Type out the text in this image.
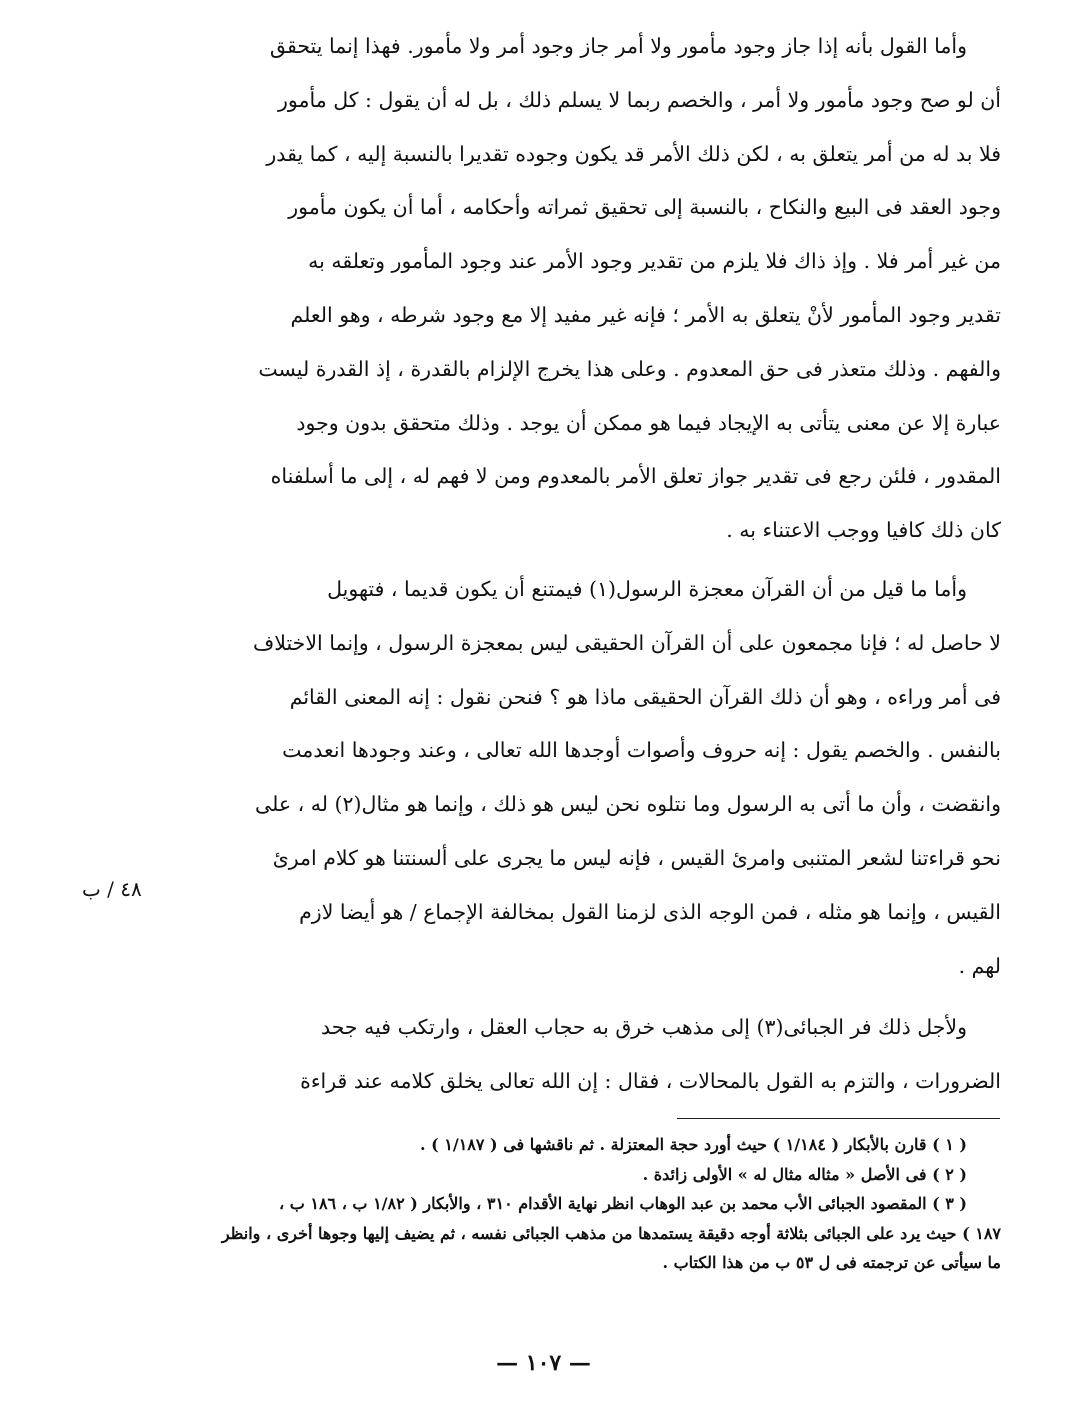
وأما القول بأنه إذا جاز وجود مأمور ولا أمر جاز وجود أمر ولا مأمور. فهذا إنما يتحقق

أن لو صح وجود مأمور ولا أمر ، والخصم ربما لا يسلم ذلك ، بل له أن يقول : كل مأمور

فلا بد له من أمر يتعلق به ، لكن ذلك الأمر قد يكون وجوده تقديرا بالنسبة إليه ، كما يقدر

وجود العقد فى البيع والنكاح ، بالنسبة إلى تحقيق ثمراته وأحكامه ، أما أن يكون مأمور

من غير أمر فلا . وإذ ذاك فلا يلزم من تقدير وجود الأمر عند وجود المأمور وتعلقه به

تقدير وجود المأمور لأنْ يتعلق به الأمر ؛ فإنه غير مفيد إلا مع وجود شرطه ، وهو العلم

والفهم . وذلك متعذر فى حق المعدوم . وعلى هذا يخرج الإلزام بالقدرة ، إذ القدرة ليست

عبارة إلا عن معنى يتأتى به الإيجاد فيما هو ممكن أن يوجد . وذلك متحقق بدون وجود

المقدور ، فلئن رجع فى تقدير جواز تعلق الأمر بالمعدوم ومن لا فهم له ، إلى ما أسلفناه

كان ذلك كافيا ووجب الاعتناء به .

وأما ما قيل من أن القرآن معجزة الرسول(١) فيمتنع أن يكون قديما ، فتهويل

لا حاصل له ؛ فإنا مجمعون على أن القرآن الحقيقى ليس بمعجزة الرسول ، وإنما الاختلاف

فى أمر وراءه ، وهو أن ذلك القرآن الحقيقى ماذا هو ؟ فنحن نقول : إنه المعنى القائم

بالنفس . والخصم يقول : إنه حروف وأصوات أوجدها الله تعالى ، وعند وجودها انعدمت

وانقضت ، وأن ما أتى به الرسول وما نتلوه نحن ليس هو ذلك ، وإنما هو مثال(٢) له ، على

نحو قراءتنا لشعر المتنبى وامرئ القيس ، فإنه ليس ما يجرى على ألسنتنا هو كلام امرئ

القيس ، وإنما هو مثله ، فمن الوجه الذى لزمنا القول بمخالفة الإجماع / هو أيضا لازم

لهم .

٤٨ / ب

ولأجل ذلك فر الجبائى(٣) إلى مذهب خرق به حجاب العقل ، وارتكب فيه جحد

الضرورات ، والتزم به القول بالمحالات ، فقال : إن الله تعالى يخلق كلامه عند قراءة

( ١ ) قارن بالأبكار ( ١/١٨٤ ) حيث أورد حجة المعتزلة . ثم ناقشها فى ( ١/١٨٧ ) .

( ٢ ) فى الأصل « مثاله مثال له » الأولى زائدة .

( ٣ ) المقصود الجبائى الأب محمد بن عبد الوهاب انظر نهاية الأقدام ٣١٠ ، والأبكار ( ١/٨٢ ب ، ١٨٦ ب ،

١٨٧ ) حيث يرد على الجبائى بثلاثة أوجه دقيقة يستمدها من مذهب الجبائى نفسه ، ثم يضيف إليها وجوها أخرى ، وانظر

ما سيأتى عن ترجمته فى ل ٥٣ ب من هذا الكتاب .

— ١٠٧ —
